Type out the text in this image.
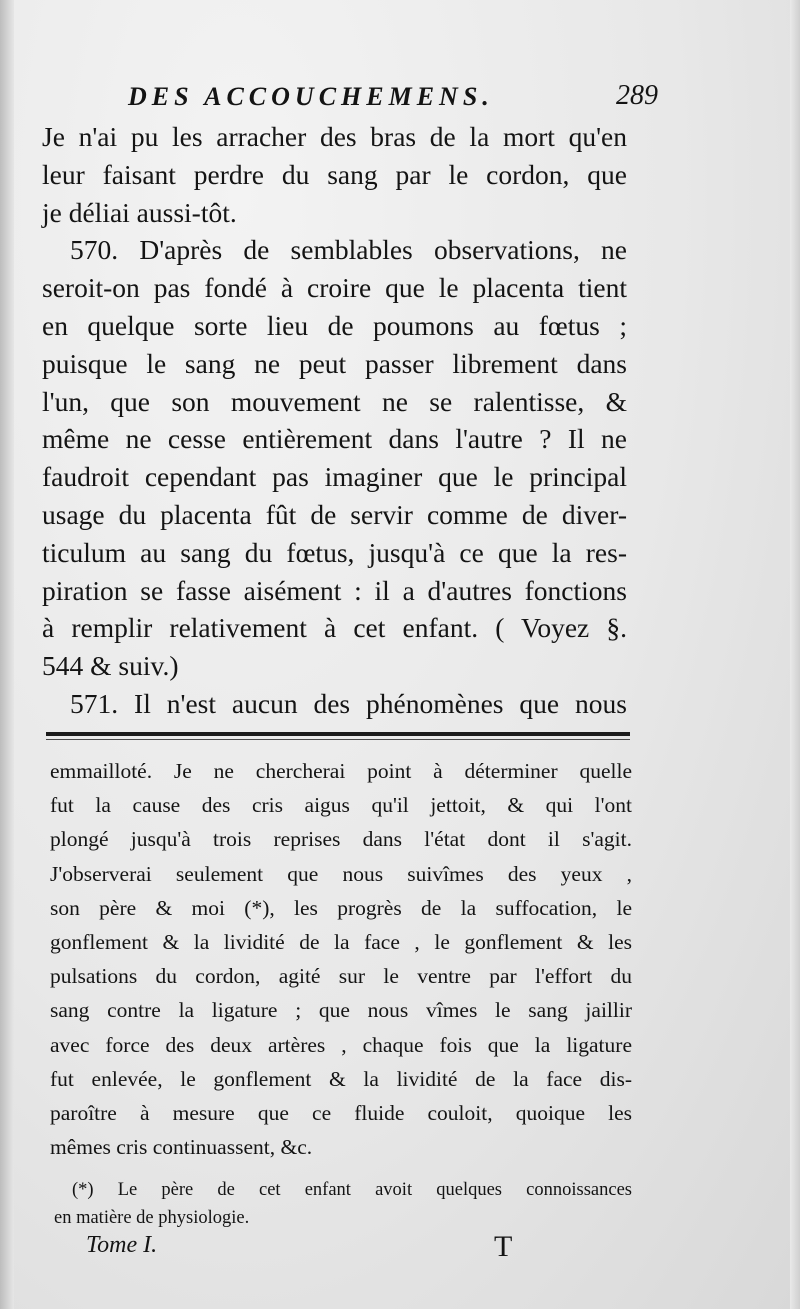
DES ACCOUCHEMENS.	289
Je n'ai pu les arracher des bras de la mort qu'en
leur faisant perdre du sang par le cordon, que
je déliai aussi-tôt.
570. D'après de semblables observations, ne
seroit-on pas fondé à croire que le placenta tient
en quelque sorte lieu de poumons au fœtus ;
puisque le sang ne peut passer librement dans
l'un, que son mouvement ne se ralentisse, &
même ne cesse entièrement dans l'autre ? Il ne
faudroit cependant pas imaginer que le principal
usage du placenta fût de servir comme de diver-
ticulum au sang du fœtus, jusqu'à ce que la res-
piration se fasse aisément : il a d'autres fonctions
à remplir relativement à cet enfant. ( Voyez §.
544 & suiv.)
571. Il n'est aucun des phénomènes que nous
emmailloté. Je ne chercherai point à déterminer quelle
fut la cause des cris aigus qu'il jettoit, & qui l'ont
plongé jusqu'à trois reprises dans l'état dont il s'agit.
J'observerai seulement que nous suivîmes des yeux ,
son père & moi (*), les progrès de la suffocation, le
gonflement & la lividité de la face , le gonflement & les
pulsations du cordon, agité sur le ventre par l'effort du
sang contre la ligature ; que nous vîmes le sang jaillir
avec force des deux artères , chaque fois que la ligature
fut enlevée, le gonflement & la lividité de la face dis-
paroître à mesure que ce fluide couloit, quoique les
mêmes cris continuassent, &c.
(*) Le père de cet enfant avoit quelques connoissances
en matière de physiologie.
Tome I.	T
